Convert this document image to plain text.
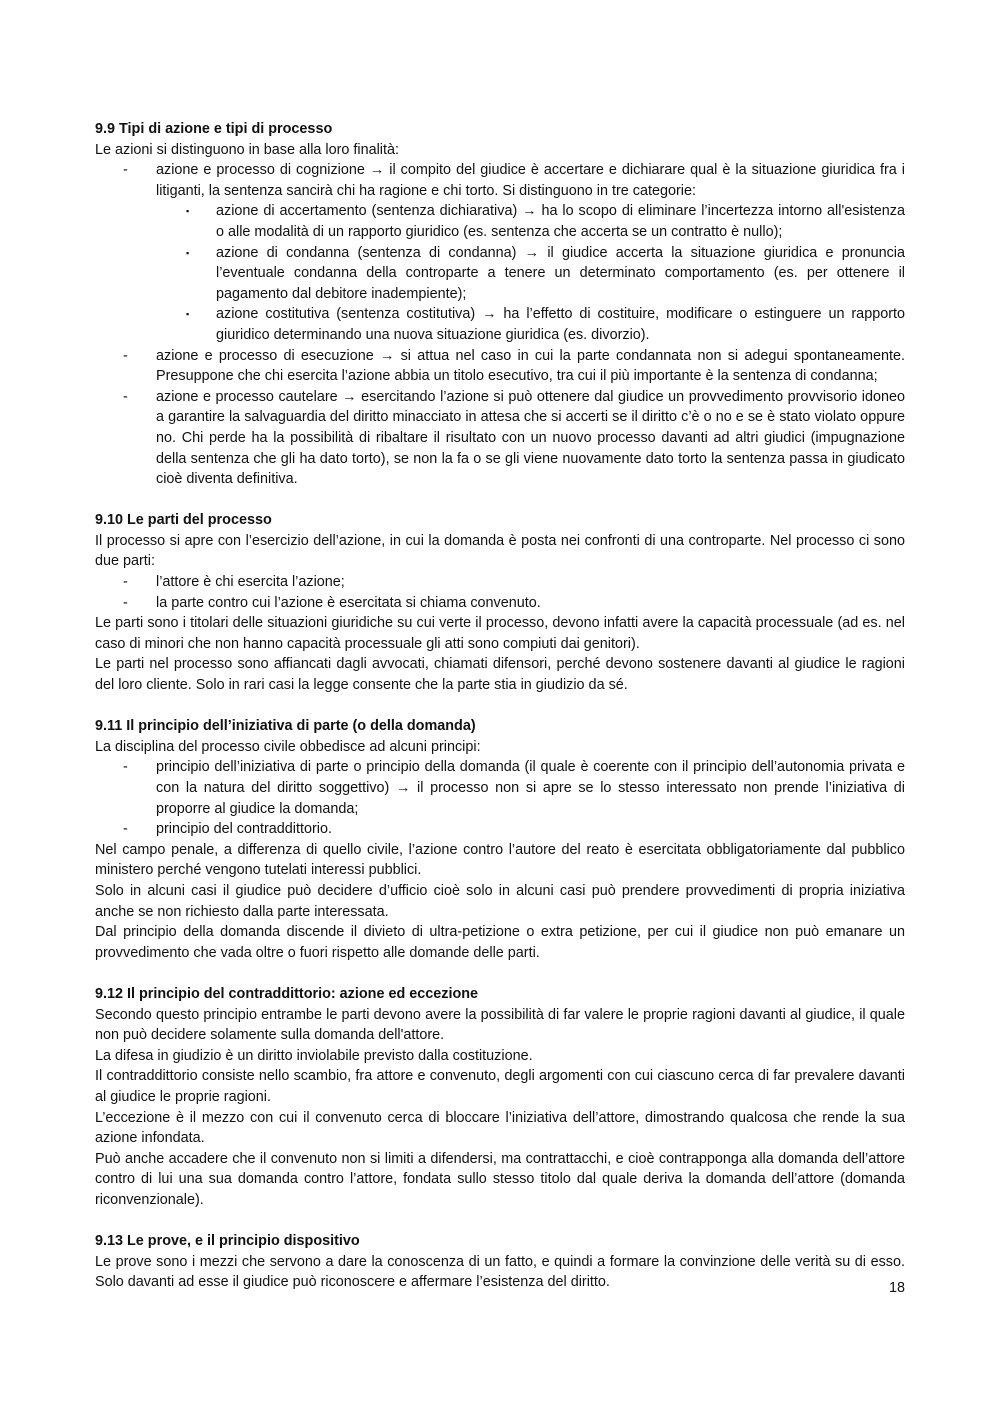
9.9 Tipi di azione e tipi di processo

Le azioni si distinguono in base alla loro finalità:

- azione e processo di cognizione → il compito del giudice è accertare e dichiarare qual è la situazione giuridica fra i litiganti, la sentenza sancirà chi ha ragione e chi torto. Si distinguono in tre categorie:
▪ azione di accertamento (sentenza dichiarativa) → ha lo scopo di eliminare l’incertezza intorno all'esistenza o alle modalità di un rapporto giuridico (es. sentenza che accerta se un contratto è nullo);
▪ azione di condanna (sentenza di condanna) → il giudice accerta la situazione giuridica e pronuncia l’eventuale condanna della controparte a tenere un determinato comportamento (es. per ottenere il pagamento dal debitore inadempiente);
▪ azione costitutiva (sentenza costitutiva) → ha l’effetto di costituire, modificare o estinguere un rapporto giuridico determinando una nuova situazione giuridica (es. divorzio).
- azione e processo di esecuzione → si attua nel caso in cui la parte condannata non si adegui spontaneamente. Presuppone che chi esercita l’azione abbia un titolo esecutivo, tra cui il più importante è la sentenza di condanna;
- azione e processo cautelare → esercitando l’azione si può ottenere dal giudice un provvedimento provvisorio idoneo a garantire la salvaguardia del diritto minacciato in attesa che si accerti se il diritto c’è o no e se è stato violato oppure no. Chi perde ha la possibilità di ribaltare il risultato con un nuovo processo davanti ad altri giudici (impugnazione della sentenza che gli ha dato torto), se non la fa o se gli viene nuovamente dato torto la sentenza passa in giudicato cioè diventa definitiva.

9.10 Le parti del processo

Il processo si apre con l’esercizio dell’azione, in cui la domanda è posta nei confronti di una controparte. Nel processo ci sono due parti:

- l’attore è chi esercita l’azione;
- la parte contro cui l’azione è esercitata si chiama convenuto.

Le parti sono i titolari delle situazioni giuridiche su cui verte il processo, devono infatti avere la capacità processuale (ad es. nel caso di minori che non hanno capacità processuale gli atti sono compiuti dai genitori).

Le parti nel processo sono affiancati dagli avvocati, chiamati difensori, perché devono sostenere davanti al giudice le ragioni del loro cliente. Solo in rari casi la legge consente che la parte stia in giudizio da sé.

9.11 Il principio dell’iniziativa di parte (o della domanda)

La disciplina del processo civile obbedisce ad alcuni principi:

- principio dell’iniziativa di parte o principio della domanda (il quale è coerente con il principio dell’autonomia privata e con la natura del diritto soggettivo) → il processo non si apre se lo stesso interessato non prende l’iniziativa di proporre al giudice la domanda;
- principio del contraddittorio.

Nel campo penale, a differenza di quello civile, l’azione contro l’autore del reato è esercitata obbligatoriamente dal pubblico ministero perché vengono tutelati interessi pubblici.

Solo in alcuni casi il giudice può decidere d’ufficio cioè solo in alcuni casi può prendere provvedimenti di propria iniziativa anche se non richiesto dalla parte interessata.

Dal principio della domanda discende il divieto di ultra-petizione o extra petizione, per cui il giudice non può emanare un provvedimento che vada oltre o fuori rispetto alle domande delle parti.

9.12 Il principio del contraddittorio: azione ed eccezione

Secondo questo principio entrambe le parti devono avere la possibilità di far valere le proprie ragioni davanti al giudice, il quale non può decidere solamente sulla domanda dell'attore.

La difesa in giudizio è un diritto inviolabile previsto dalla costituzione.

Il contraddittorio consiste nello scambio, fra attore e convenuto, degli argomenti con cui ciascuno cerca di far prevalere davanti al giudice le proprie ragioni.

L’eccezione è il mezzo con cui il convenuto cerca di bloccare l’iniziativa dell’attore, dimostrando qualcosa che rende la sua azione infondata.

Può anche accadere che il convenuto non si limiti a difendersi, ma contrattacchi, e cioè contrapponga alla domanda dell’attore contro di lui una sua domanda contro l’attore, fondata sullo stesso titolo dal quale deriva la domanda dell’attore (domanda riconvenzionale).

9.13 Le prove, e il principio dispositivo

Le prove sono i mezzi che servono a dare la conoscenza di un fatto, e quindi a formare la convinzione delle verità su di esso. Solo davanti ad esse il giudice può riconoscere e affermare l’esistenza del diritto.	18
